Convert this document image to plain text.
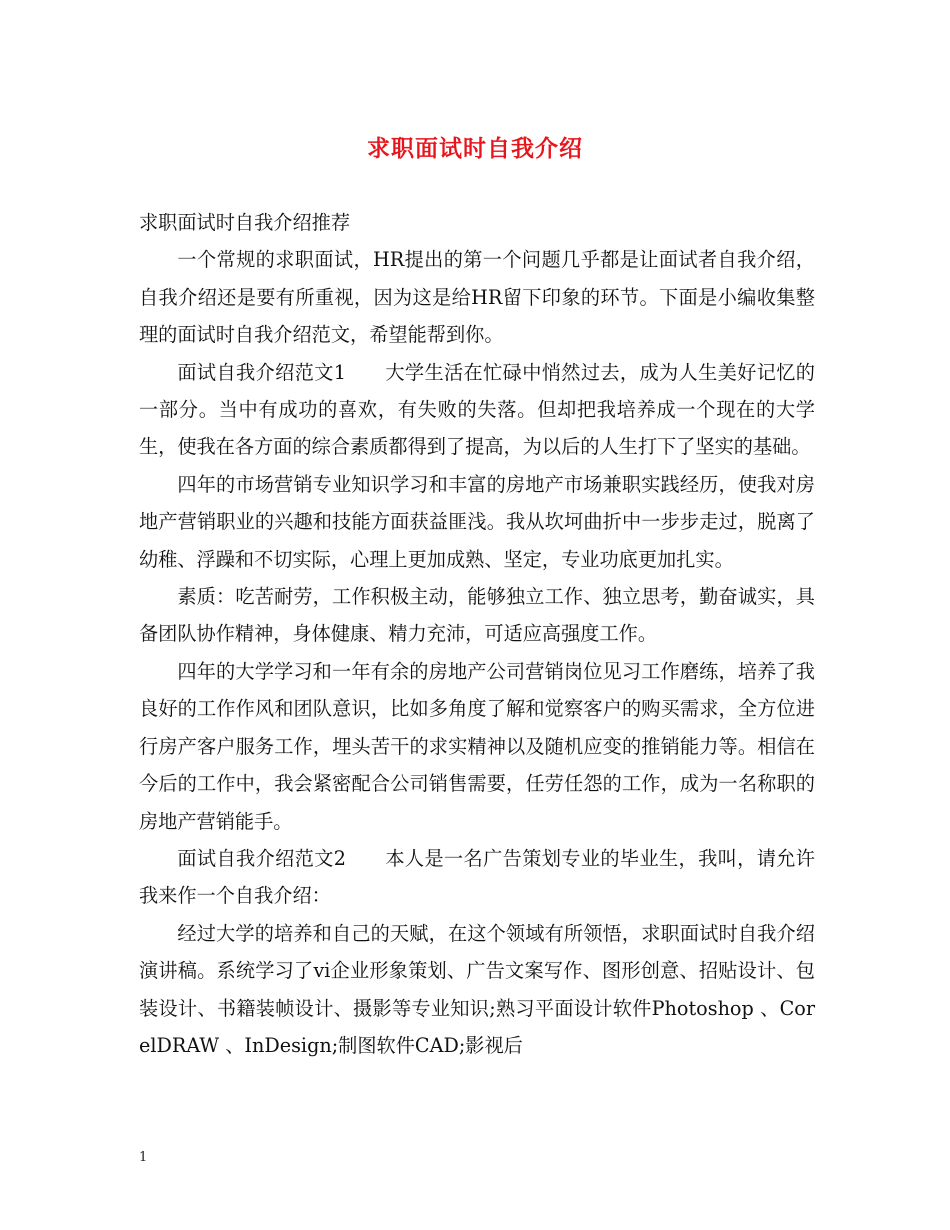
求职面试时自我介绍

求职面试时自我介绍推荐

一个常规的求职面试，HR提出的第一个问题几乎都是让面试者自我介绍，自我介绍还是要有所重视，因为这是给HR留下印象的环节。下面是小编收集整理的面试时自我介绍范文，希望能帮到你。

面试自我介绍范文1　　大学生活在忙碌中悄然过去，成为人生美好记忆的一部分。当中有成功的喜欢，有失败的失落。但却把我培养成一个现在的大学生，使我在各方面的综合素质都得到了提高，为以后的人生打下了坚实的基础。

四年的市场营销专业知识学习和丰富的房地产市场兼职实践经历，使我对房地产营销职业的兴趣和技能方面获益匪浅。我从坎坷曲折中一步步走过，脱离了幼稚、浮躁和不切实际，心理上更加成熟、坚定，专业功底更加扎实。

素质：吃苦耐劳，工作积极主动，能够独立工作、独立思考，勤奋诚实，具备团队协作精神，身体健康、精力充沛，可适应高强度工作。

四年的大学学习和一年有余的房地产公司营销岗位见习工作磨练，培养了我良好的工作作风和团队意识，比如多角度了解和觉察客户的购买需求，全方位进行房产客户服务工作，埋头苦干的求实精神以及随机应变的推销能力等。相信在今后的工作中，我会紧密配合公司销售需要，任劳任怨的工作，成为一名称职的房地产营销能手。

面试自我介绍范文2　　本人是一名广告策划专业的毕业生，我叫，请允许我来作一个自我介绍：

经过大学的培养和自己的天赋，在这个领域有所领悟，求职面试时自我介绍演讲稿。系统学习了vi企业形象策划、广告文案写作、图形创意、招贴设计、包装设计、书籍装帧设计、摄影等专业知识;熟习平面设计软件Photoshop 、CorelDRAW 、InDesign;制图软件CAD;影视后

1
